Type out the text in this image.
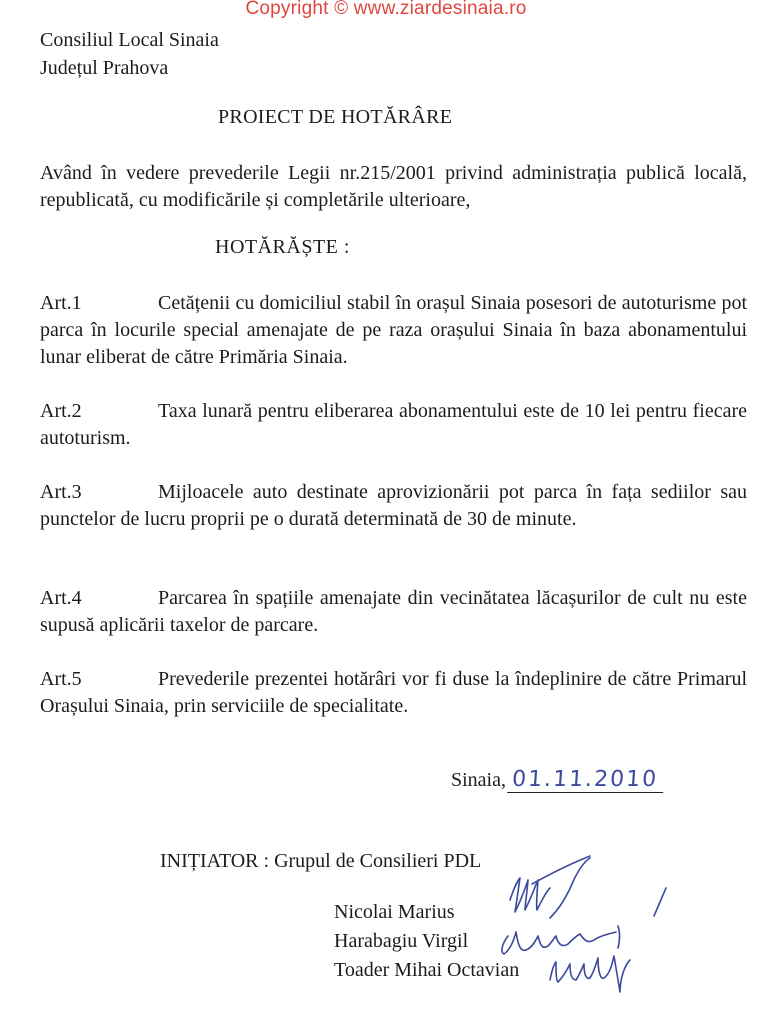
Copyright © www.ziardesinaia.ro
Consiliul Local Sinaia
Județul Prahova
PROIECT DE HOTĂRÂRE
Având în vedere prevederile Legii nr.215/2001 privind administrația publică locală, republicată, cu modificările și completările ulterioare,
HOTĂRĂȘTE :
Art.1	Cetățenii cu domiciliul stabil în orașul Sinaia posesori de autoturisme pot parca în locurile special amenajate de pe raza orașului Sinaia în baza abonamentului lunar eliberat de către Primăria Sinaia.
Art.2	Taxa lunară pentru eliberarea abonamentului este de 10 lei pentru fiecare autoturism.
Art.3	Mijloacele auto destinate aprovizionării pot parca în fața sediilor sau punctelor de lucru proprii pe o durată determinată de 30 de minute.
Art.4	Parcarea în spațiile amenajate din vecinătatea lăcașurilor de cult nu este supusă aplicării taxelor de parcare.
Art.5	Prevederile prezentei hotărâri vor fi duse la îndeplinire de către Primarul Orașului Sinaia, prin serviciile de specialitate.
Sinaia, 01.11.2010
INIȚIATOR : Grupul de Consilieri PDL
Nicolai Marius
Harabagiu Virgil
Toader Mihai Octavian
